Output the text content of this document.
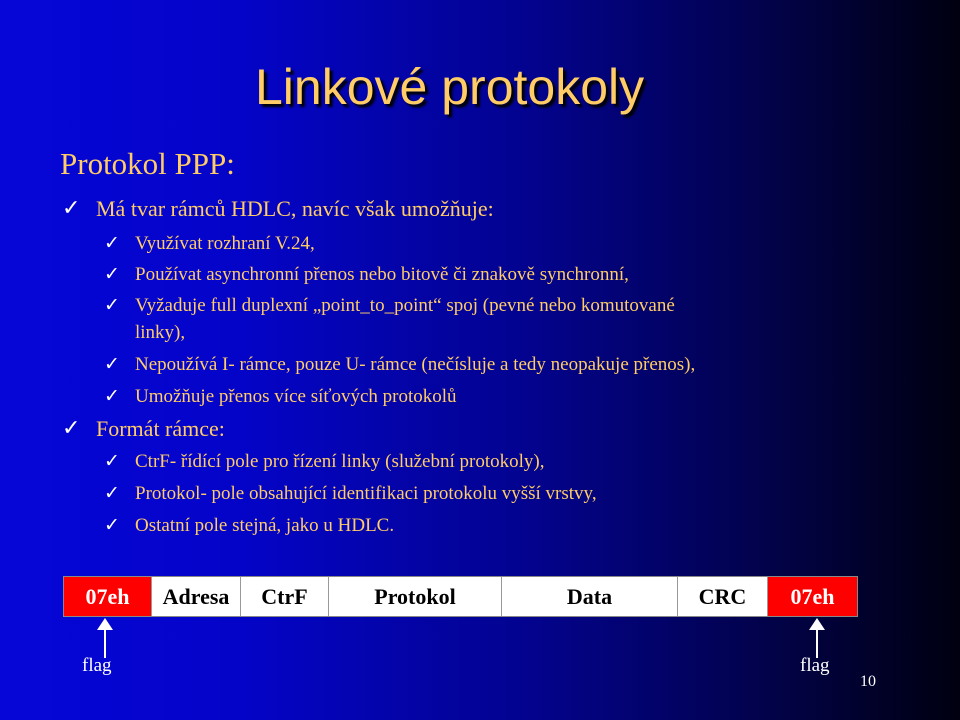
Linkové protokoly
Protokol PPP:
✓ Má tvar rámců HDLC, navíc však umožňuje:
✓ Využívat rozhraní V.24,
✓ Používat asynchronní přenos nebo bitově či znakově synchronní,
✓ Vyžaduje full duplexní „point_to_point“ spoj (pevné nebo komutované
linky),
✓ Nepoužívá I- rámce, pouze U- rámce (nečísluje a tedy neopakuje přenos),
✓ Umožňuje přenos více síťových protokolů
✓ Formát rámce:
✓ CtrF- řídící pole pro řízení linky (služební protokoly),
✓ Protokol- pole obsahující identifikaci protokolu vyšší vrstvy,
✓ Ostatní pole stejná, jako u HDLC.
07eh	Adresa	CtrF	Protokol	Data	CRC	07eh
flag	flag
10
